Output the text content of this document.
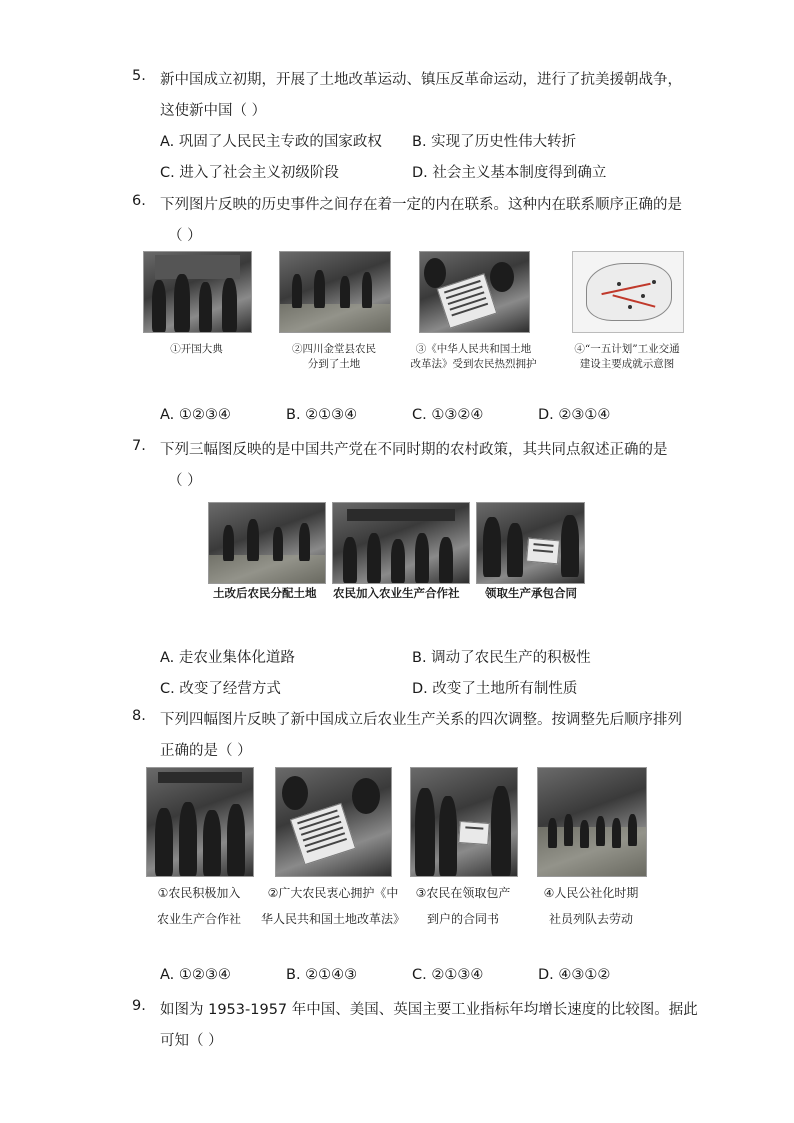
5. 新中国成立初期，开展了土地改革运动、镇压反革命运动，进行了抗美援朝战争，
这使新中国（ ）
A. 巩固了人民民主专政的国家政权 B. 实现了历史性伟大转折
C. 进入了社会主义初级阶段	D. 社会主义基本制度得到确立
6. 下列图片反映的历史事件之间存在着一定的内在联系。这种内在联系顺序正确的是
（ ）
①开国大典	②四川金堂县农民
分到了土地
③《中华人民共和国土地
改革法》受到农民热烈拥护
④“一五计划”工业交通
建设主要成就示意图
A. ①②③④	B. ②①③④	C. ①③②④	D. ②③①④
7. 下列三幅图反映的是中国共产党在不同时期的农村政策，其共同点叙述正确的是
（ ）
土改后农民分配土地 农民加入农业生产合作社 领取生产承包合同
A. 走农业集体化道路	B. 调动了农民生产的积极性
C. 改变了经营方式	D. 改变了土地所有制性质
8. 下列四幅图片反映了新中国成立后农业生产关系的四次调整。按调整先后顺序排列
正确的是（ ）
①农民积极加入
农业生产合作社
②广大农民衷心拥护《中
华人民共和国土地改革法》
③农民在领取包产
到户的合同书
④人民公社化时期
社员列队去劳动
A. ①②③④	B. ②①④③	C. ②①③④	D. ④③①②
9. 如图为 1953-1957 年中国、美国、英国主要工业指标年均增长速度的比较图。据此
可知（ ）
